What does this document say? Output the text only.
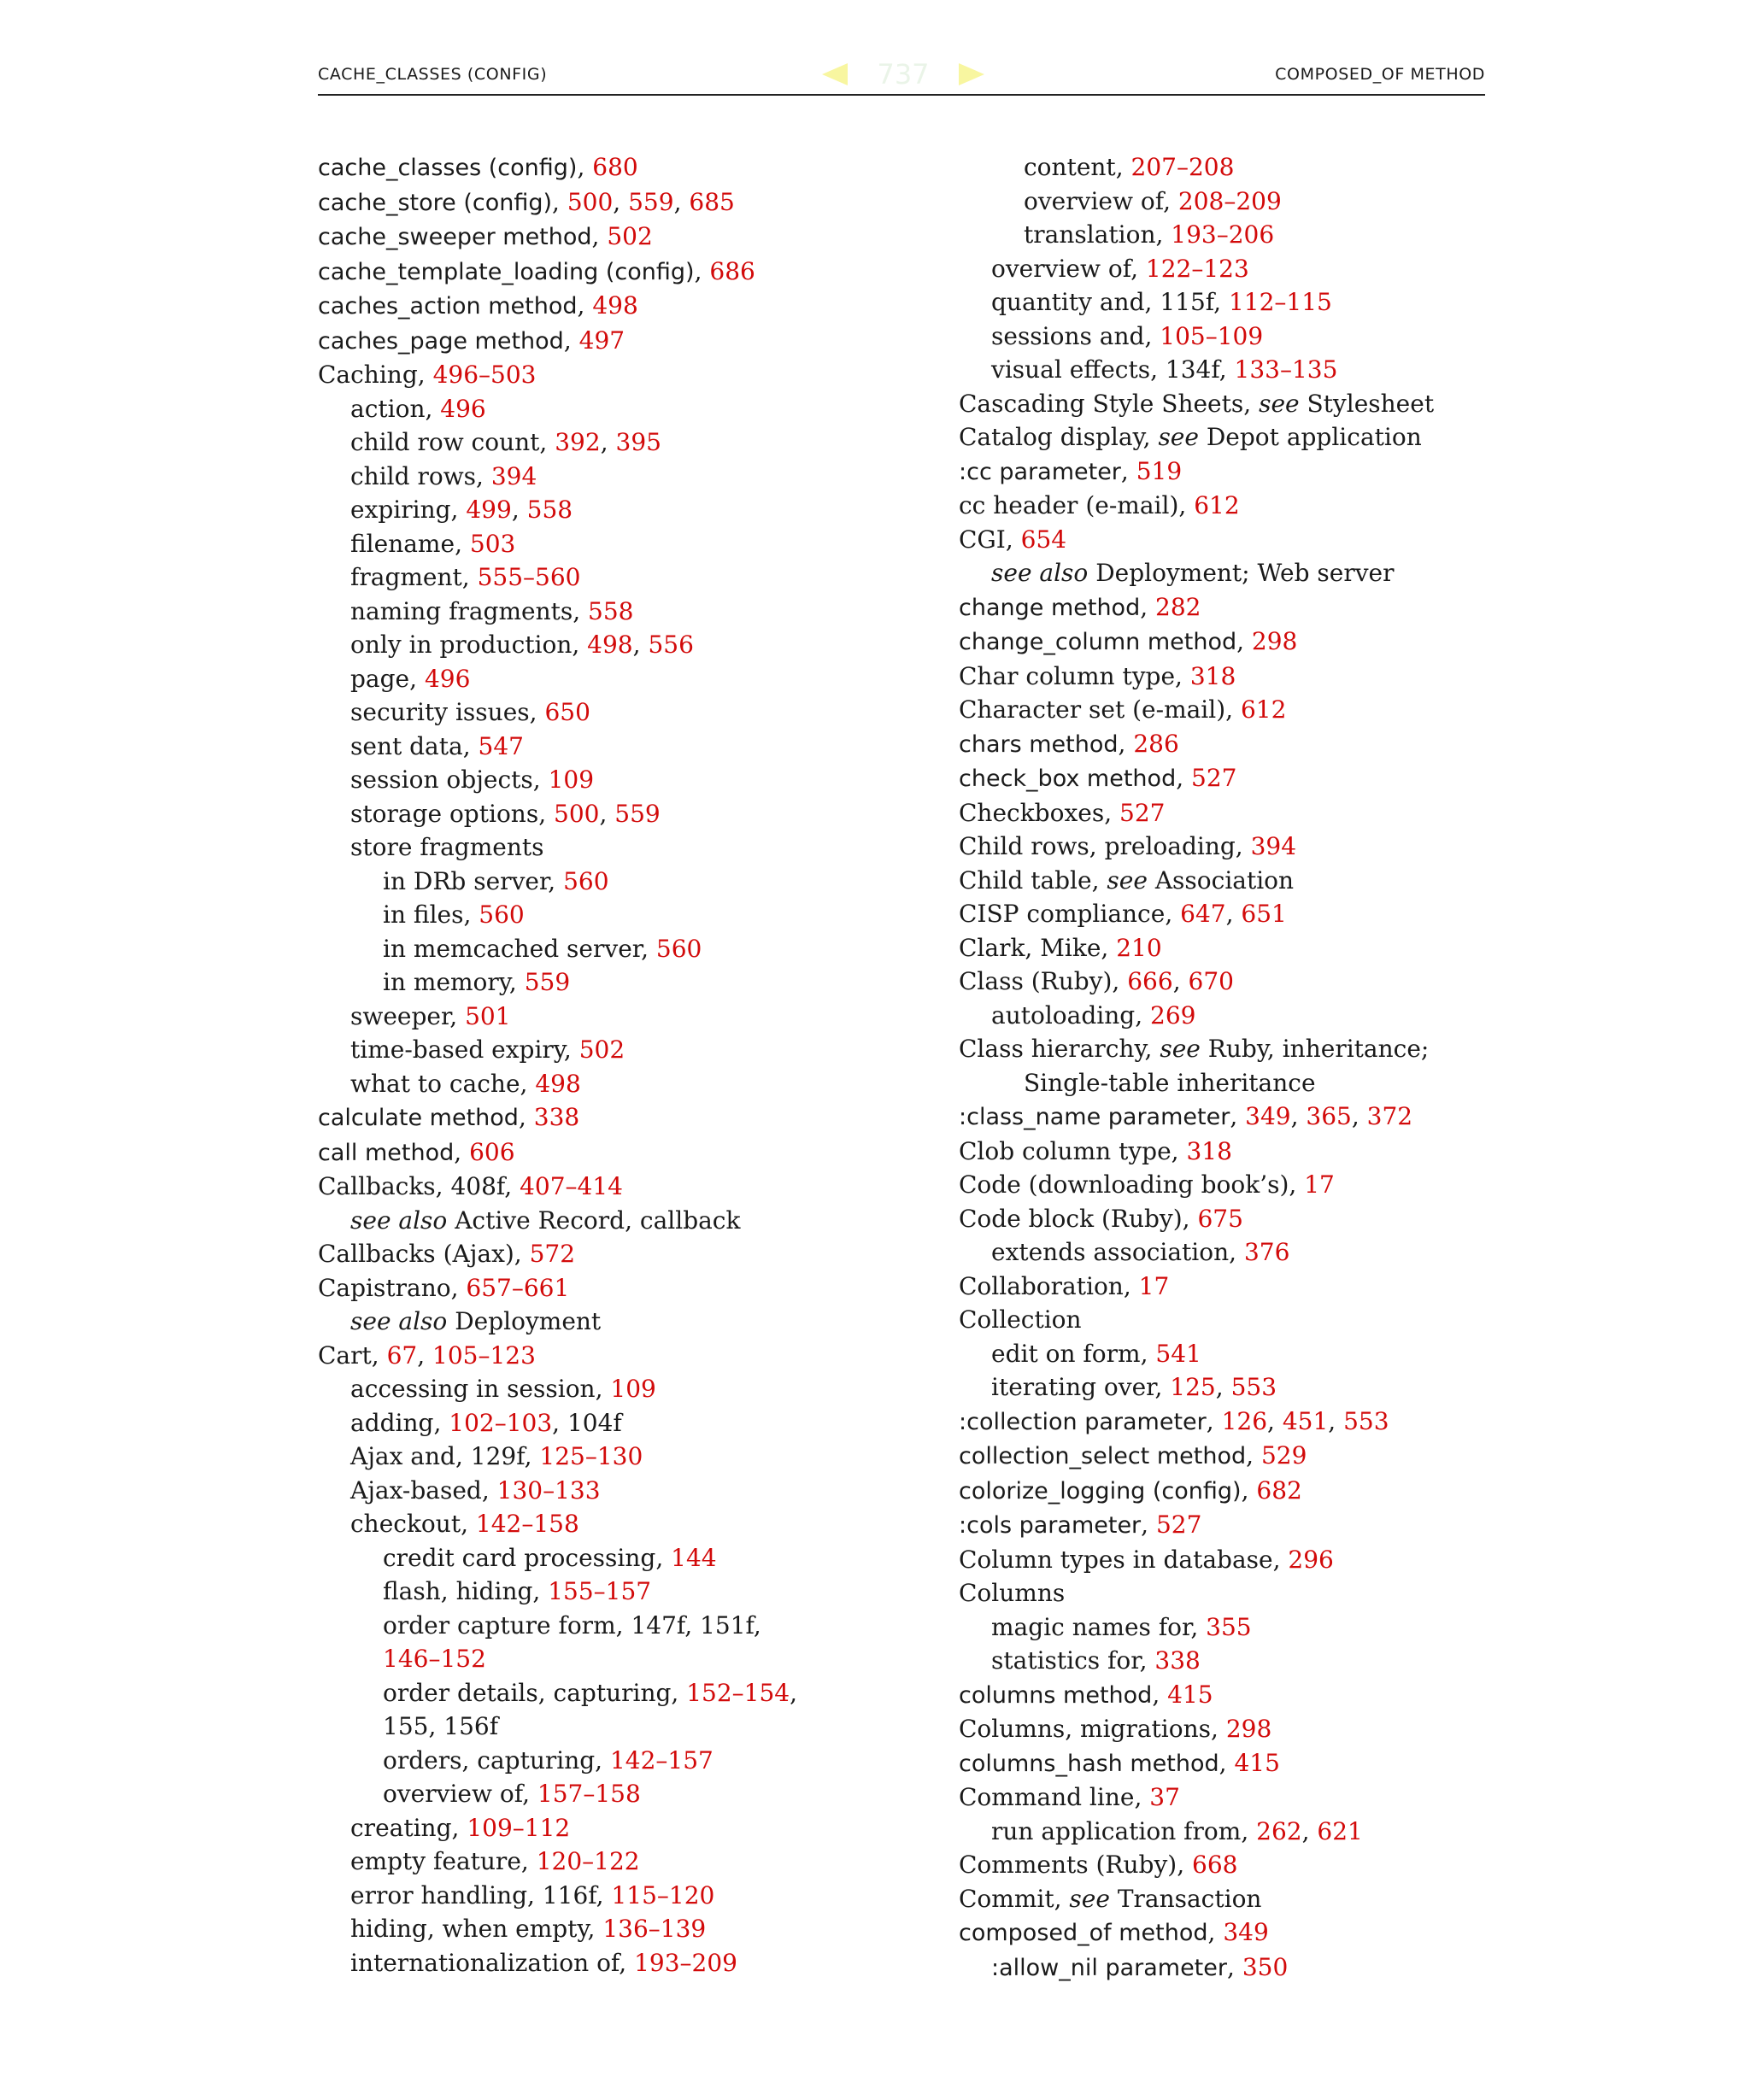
CACHE_CLASSES (CONFIG)	737	COMPOSED_OF METHOD
cache_classes (config), 680
cache_store (config), 500, 559, 685
cache_sweeper method, 502
cache_template_loading (config), 686
caches_action method, 498
caches_page method, 497
Caching, 496–503
action, 496
child row count, 392, 395
child rows, 394
expiring, 499, 558
filename, 503
fragment, 555–560
naming fragments, 558
only in production, 498, 556
page, 496
security issues, 650
sent data, 547
session objects, 109
storage options, 500, 559
store fragments
in DRb server, 560
in files, 560
in memcached server, 560
in memory, 559
sweeper, 501
time-based expiry, 502
what to cache, 498
calculate method, 338
call method, 606
Callbacks, 408f, 407–414
see also Active Record, callback
Callbacks (Ajax), 572
Capistrano, 657–661
see also Deployment
Cart, 67, 105–123
accessing in session, 109
adding, 102–103, 104f
Ajax and, 129f, 125–130
Ajax-based, 130–133
checkout, 142–158
credit card processing, 144
flash, hiding, 155–157
order capture form, 147f, 151f,
146–152
order details, capturing, 152–154,
155, 156f
orders, capturing, 142–157
overview of, 157–158
creating, 109–112
empty feature, 120–122
error handling, 116f, 115–120
hiding, when empty, 136–139
internationalization of, 193–209
content, 207–208
overview of, 208–209
translation, 193–206
overview of, 122–123
quantity and, 115f, 112–115
sessions and, 105–109
visual effects, 134f, 133–135
Cascading Style Sheets, see Stylesheet
Catalog display, see Depot application
:cc parameter, 519
cc header (e-mail), 612
CGI, 654
see also Deployment; Web server
change method, 282
change_column method, 298
Char column type, 318
Character set (e-mail), 612
chars method, 286
check_box method, 527
Checkboxes, 527
Child rows, preloading, 394
Child table, see Association
CISP compliance, 647, 651
Clark, Mike, 210
Class (Ruby), 666, 670
autoloading, 269
Class hierarchy, see Ruby, inheritance;
Single-table inheritance
:class_name parameter, 349, 365, 372
Clob column type, 318
Code (downloading book’s), 17
Code block (Ruby), 675
extends association, 376
Collaboration, 17
Collection
edit on form, 541
iterating over, 125, 553
:collection parameter, 126, 451, 553
collection_select method, 529
colorize_logging (config), 682
:cols parameter, 527
Column types in database, 296
Columns
magic names for, 355
statistics for, 338
columns method, 415
Columns, migrations, 298
columns_hash method, 415
Command line, 37
run application from, 262, 621
Comments (Ruby), 668
Commit, see Transaction
composed_of method, 349
:allow_nil parameter, 350
